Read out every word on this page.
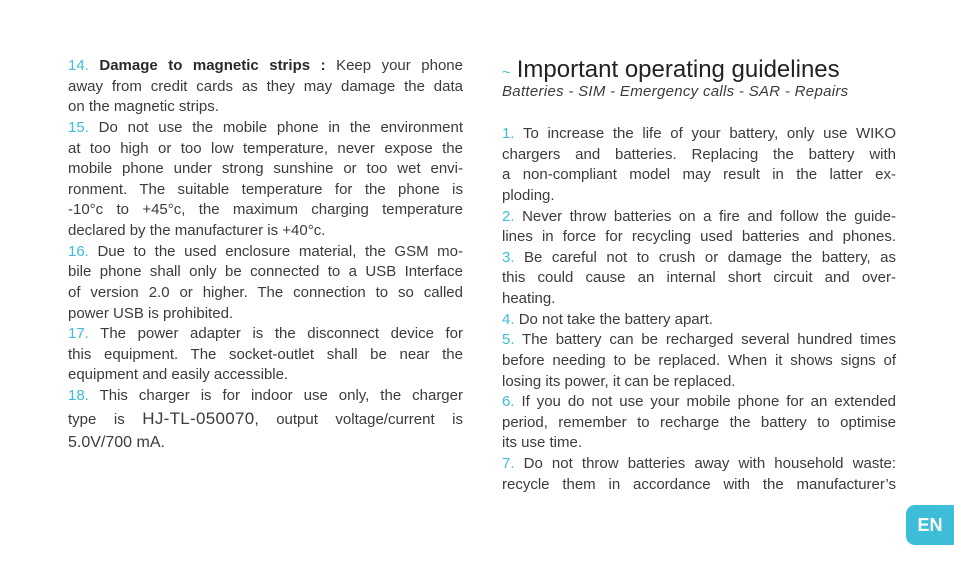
14. Damage to magnetic strips : Keep your phone
away from credit cards as they may damage the data
on the magnetic strips.
15. Do not use the mobile phone in the environment
at too high or too low temperature, never expose the
mobile phone under strong sunshine or too wet envi-
ronment. The suitable temperature for the phone is
-10°c to +45°c, the maximum charging temperature
declared by the manufacturer is +40°c.
16. Due to the used enclosure material, the GSM mo-
bile phone shall only be connected to a USB Interface
of version 2.0 or higher. The connection to so called
power USB is prohibited.
17. The power adapter is the disconnect device for
this equipment. The socket-outlet shall be near the
equipment and easily accessible.
18. This charger is for indoor use only, the charger
type is HJ-TL-050070, output voltage/current is
5.0V/700 mA.
~ Important operating guidelines
Batteries - SIM - Emergency calls - SAR - Repairs
1. To increase the life of your battery, only use WIKO
chargers and batteries. Replacing the battery with
a non-compliant model may result in the latter ex-
ploding.
2. Never throw batteries on a fire and follow the guide-
lines in force for recycling used batteries and phones.
3. Be careful not to crush or damage the battery, as
this could cause an internal short circuit and over-
heating.
4. Do not take the battery apart.
5. The battery can be recharged several hundred times
before needing to be replaced. When it shows signs of
losing its power, it can be replaced.
6. If you do not use your mobile phone for an extended
period, remember to recharge the battery to optimise
its use time.
7. Do not throw batteries away with household waste:
recycle them in accordance with the manufacturer’s
EN
